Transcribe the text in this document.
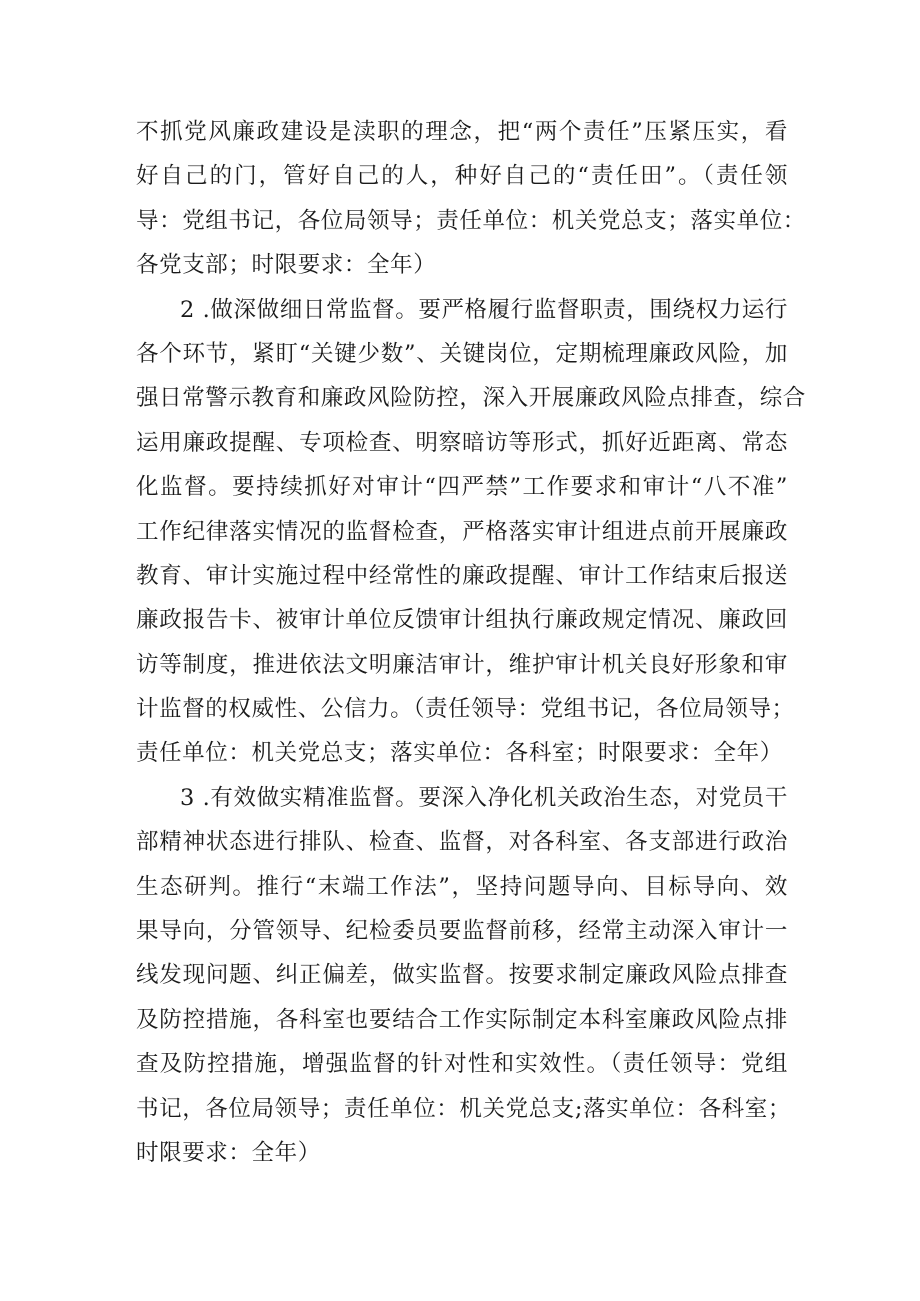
不抓党风廉政建设是渎职的理念，把“两个责任”压紧压实，看
好自己的门，管好自己的人，种好自己的“责任田”。（责任领
导：党组书记，各位局领导；责任单位：机关党总支；落实单位：
各党支部；时限要求：全年）
2 .做深做细日常监督。要严格履行监督职责，围绕权力运行
各个环节，紧盯“关键少数”、关键岗位，定期梳理廉政风险，加
强日常警示教育和廉政风险防控，深入开展廉政风险点排查，综合
运用廉政提醒、专项检查、明察暗访等形式，抓好近距离、常态
化监督。要持续抓好对审计“四严禁”工作要求和审计“八不准”
工作纪律落实情况的监督检查，严格落实审计组进点前开展廉政
教育、审计实施过程中经常性的廉政提醒、审计工作结束后报送
廉政报告卡、被审计单位反馈审计组执行廉政规定情况、廉政回
访等制度，推进依法文明廉洁审计，维护审计机关良好形象和审
计监督的权威性、公信力。（责任领导：党组书记，各位局领导；
责任单位：机关党总支；落实单位：各科室；时限要求：全年）
3 .有效做实精准监督。要深入净化机关政治生态，对党员干
部精神状态进行排队、检查、监督，对各科室、各支部进行政治
生态研判。推行“末端工作法”，坚持问题导向、目标导向、效
果导向，分管领导、纪检委员要监督前移，经常主动深入审计一
线发现问题、纠正偏差，做实监督。按要求制定廉政风险点排查
及防控措施，各科室也要结合工作实际制定本科室廉政风险点排
查及防控措施，增强监督的针对性和实效性。（责任领导：党组
书记，各位局领导；责任单位：机关党总支;落实单位：各科室；
时限要求：全年）
